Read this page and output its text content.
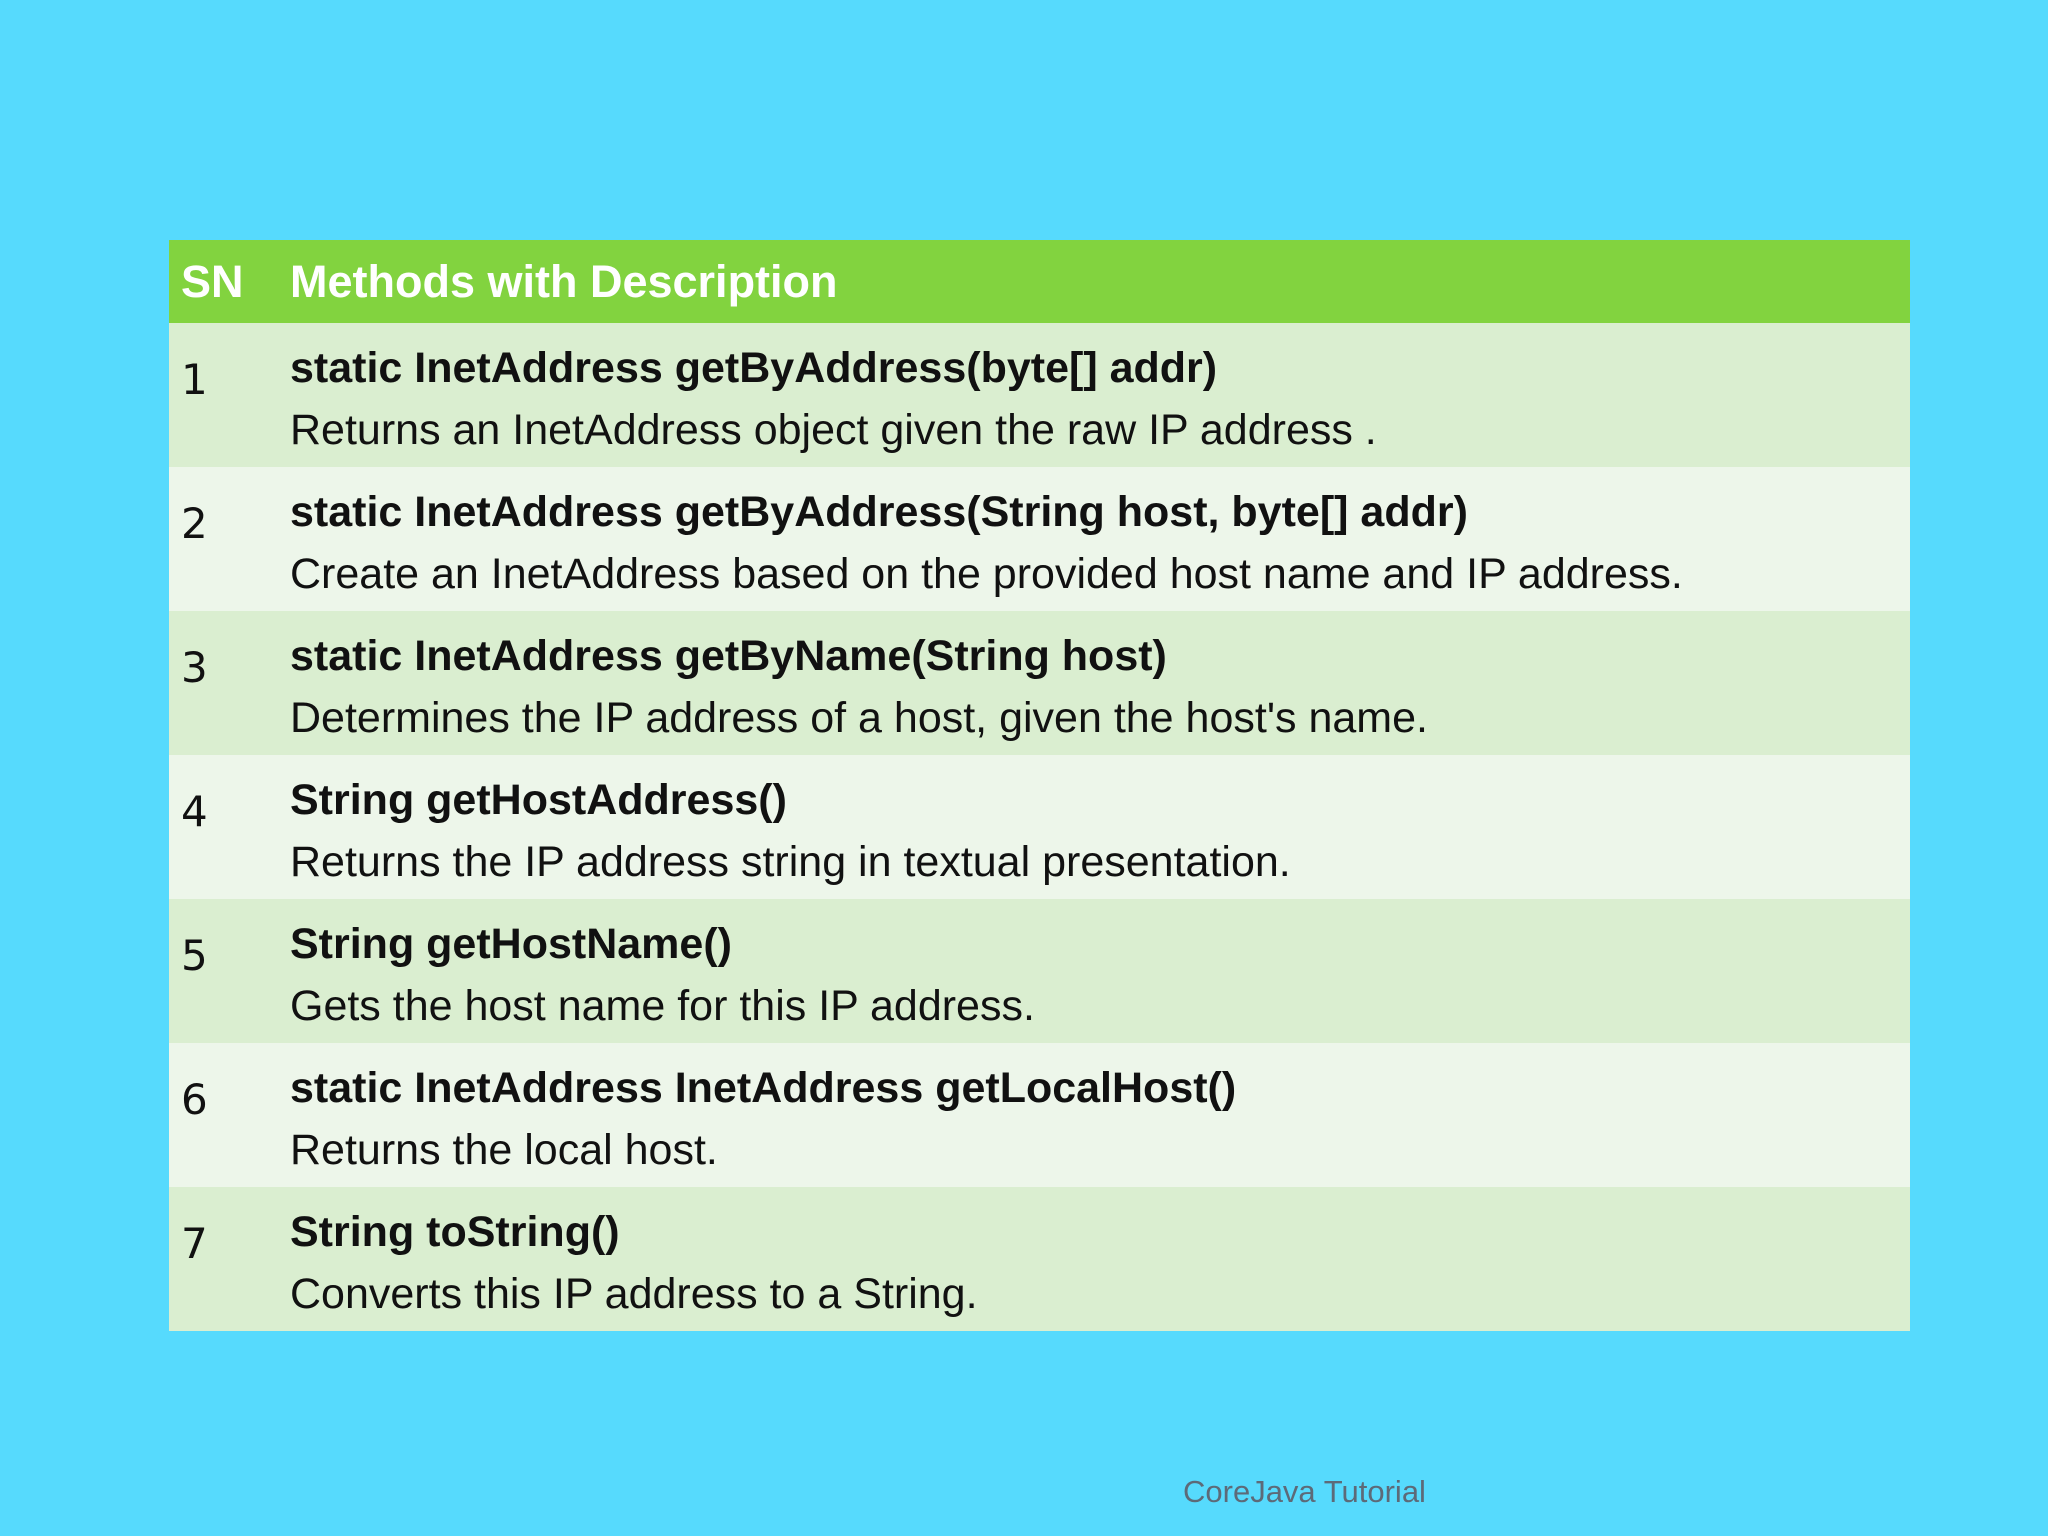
SN	Methods with Description
1	static InetAddress getByAddress(byte[] addr)
Returns an InetAddress object given the raw IP address .
2	static InetAddress getByAddress(String host, byte[] addr)
Create an InetAddress based on the provided host name and IP address.
3	static InetAddress getByName(String host)
Determines the IP address of a host, given the host's name.
4	String getHostAddress()
Returns the IP address string in textual presentation.
5	String getHostName()
Gets the host name for this IP address.
6	static InetAddress InetAddress getLocalHost()
Returns the local host.
7	String toString()
Converts this IP address to a String.
CoreJava Tutorial
